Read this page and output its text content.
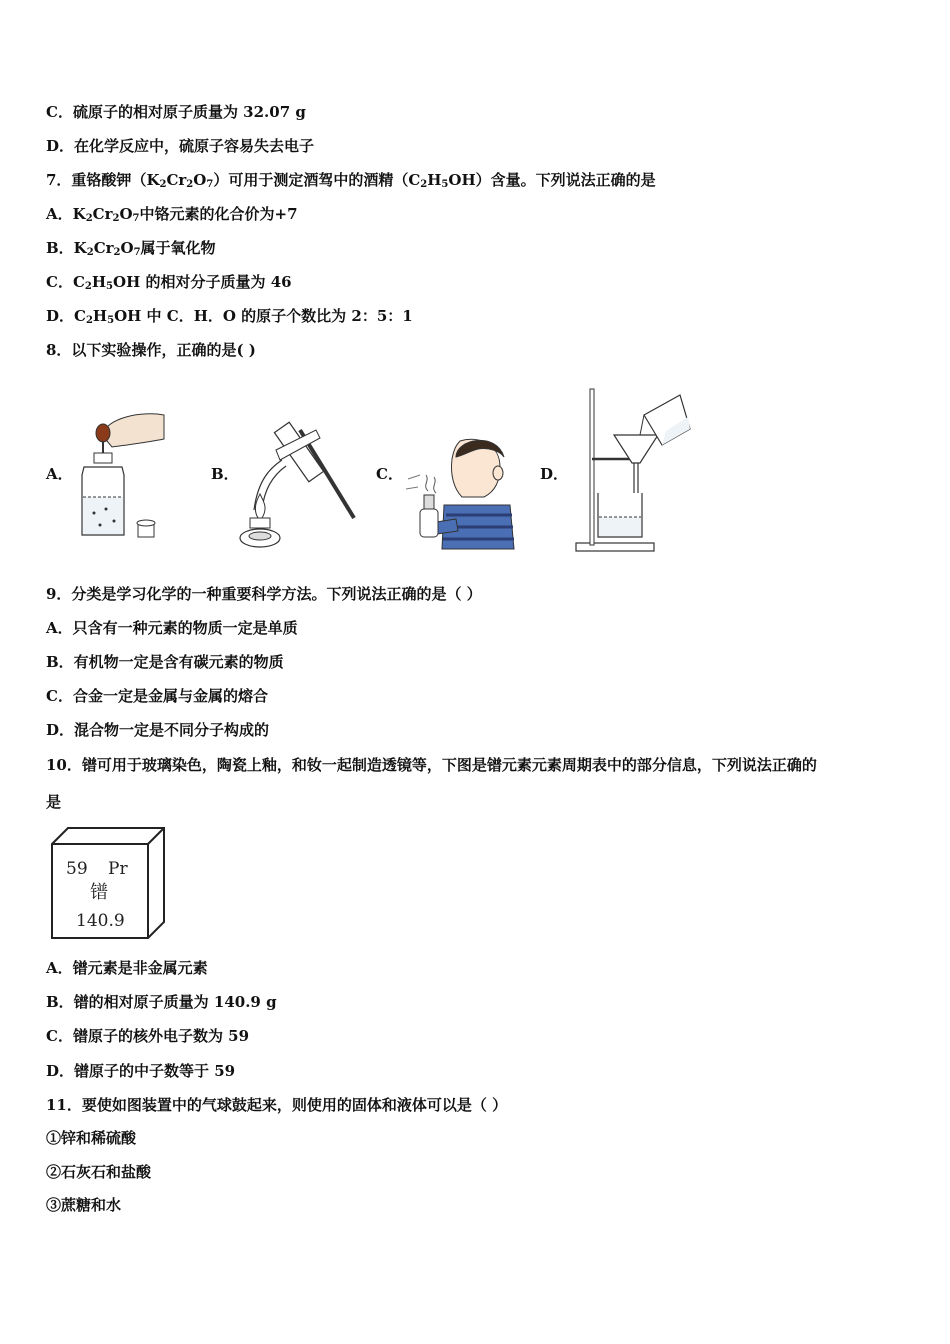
C．硫原子的相对原子质量为 32.07 g
D．在化学反应中，硫原子容易失去电子
7．重铬酸钾$(K_2Cr_2O_7)$可用于测定酒驾中的酒精$(C_2H_5OH)$含量。下列说法正确的是
A．$K_2Cr_2O_7$中铬元素的化合价为+7
B．$K_2Cr_2O_7$属于氧化物
C．$C_2H_5OH$ 的相对分子质量为 46
D．$C_2H_5OH$ 中 C．H．O 的原子个数比为 2：5：1
8．以下实验操作，正确的是( )
A．	B．	C．	D．
9．分类是学习化学的一种重要科学方法。下列说法正确的是（ ）
A．只含有一种元素的物质一定是单质
B．有机物一定是含有碳元素的物质
C．合金一定是金属与金属的熔合
D．混合物一定是不同分子构成的
10．镨可用于玻璃染色，陶瓷上釉，和钕一起制造透镜等，下图是镨元素元素周期表中的部分信息，下列说法正确的
是
59 Pr
镨
140.9
A．镨元素是非金属元素
B．镨的相对原子质量为 140.9 g
C．镨原子的核外电子数为 59
D．镨原子的中子数等于 59
11．要使如图装置中的气球鼓起来，则使用的固体和液体可以是（ ）
①锌和稀硫酸
②石灰石和盐酸
③蔗糖和水
